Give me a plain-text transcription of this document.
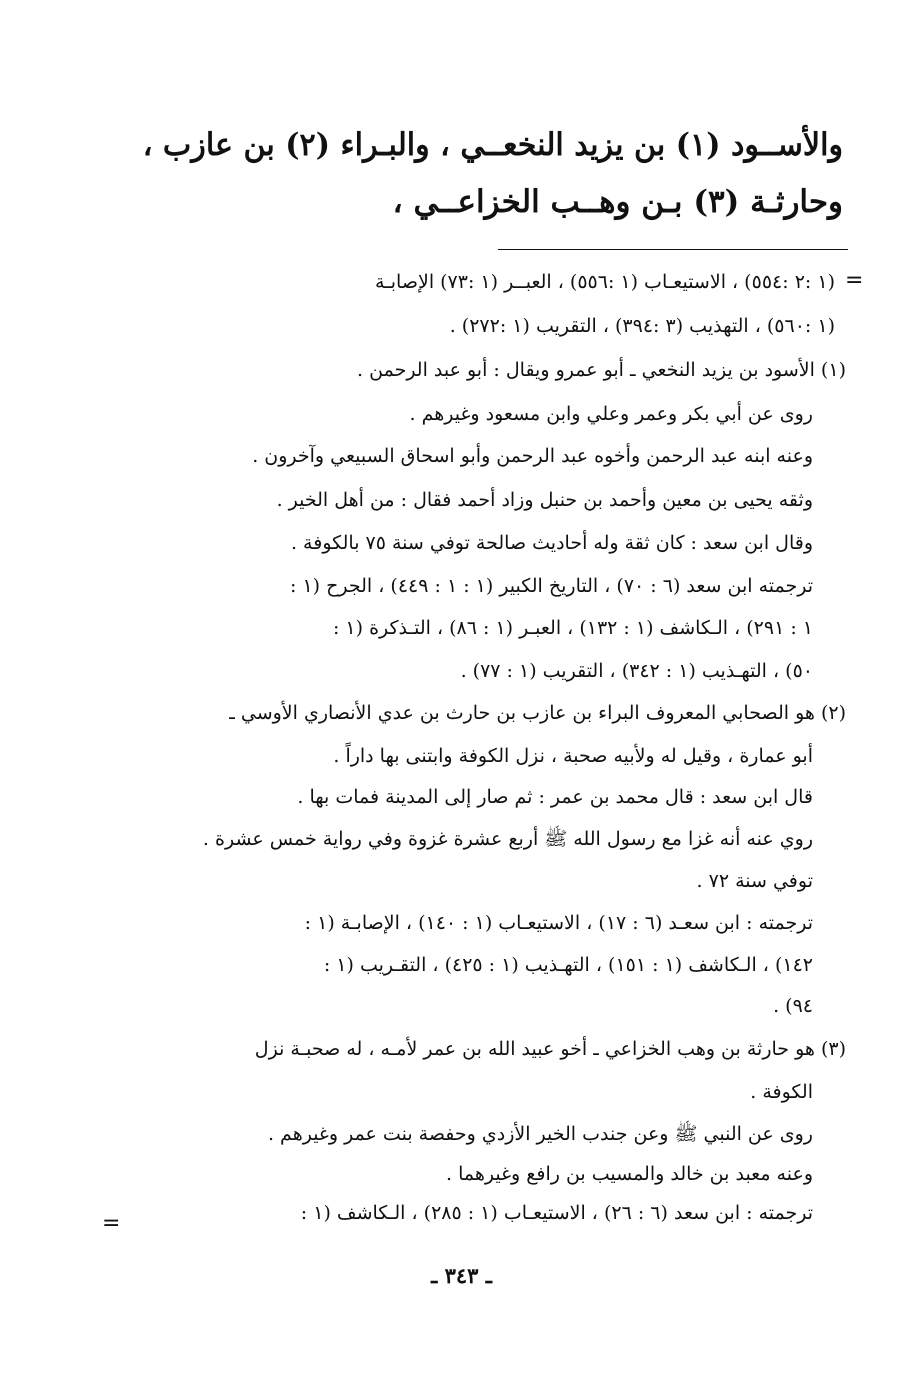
والأســود (١) بن يزيد النخعــي ، والبـراء (٢) بن عازب ،
وحارثـة (٣) بـن وهــب الخزاعــي ،
=
(١ :٢ :٥٥٤) ، الاستيعـاب (١ :٥٥٦) ، العبــر (١ :٧٣) الإصابـة
(١ :٥٦٠) ، التهذيب (٣ :٣٩٤) ، التقريب (١ :٢٧٢) .
(١) الأسود بن يزيد النخعي ـ أبو عمرو ويقال : أبو عبد الرحمن .
روى عن أبي بكر وعمر وعلي وابن مسعود وغيرهم .
وعنه ابنه عبد الرحمن وأخوه عبد الرحمن وأبو اسحاق السبيعي وآخرون .
وثقه يحيى بن معين وأحمد بن حنبل وزاد أحمد فقال : من أهل الخير .
وقال ابن سعد : كان ثقة وله أحاديث صالحة توفي سنة ٧٥ بالكوفة .
ترجمته ابن سعد (٦ : ٧٠) ، التاريخ الكبير (١ : ١ : ٤٤٩) ، الجرح (١ :
١ : ٢٩١) ، الـكاشف (١ : ١٣٢) ، العبـر (١ : ٨٦) ، التـذكرة (١ :
٥٠) ، التهـذيب (١ : ٣٤٢) ، التقريب (١ : ٧٧) .
(٢) هو الصحابي المعروف البراء بن عازب بن حارث بن عدي الأنصاري الأوسي ـ
أبو عمارة ، وقيل له ولأبيه صحبة ، نزل الكوفة وابتنى بها داراً .
قال ابن سعد : قال محمد بن عمر : ثم صار إلى المدينة فمات بها .
روي عنه أنه غزا مع رسول الله ﷺ أربع عشرة غزوة وفي رواية خمس عشرة .
توفي سنة ٧٢ .
ترجمته : ابن سعـد (٦ : ١٧) ، الاستيعـاب (١ : ١٤٠) ، الإصابـة (١ :
١٤٢) ، الـكاشف (١ : ١٥١) ، التهـذيب (١ : ٤٢٥) ، التقـريب (١ :
٩٤) .
(٣) هو حارثة بن وهب الخزاعي ـ أخو عبيد الله بن عمر لأمـه ، له صحبـة نزل
الكوفة .
روى عن النبي ﷺ وعن جندب الخير الأزدي وحفصة بنت عمر وغيرهم .
وعنه معبد بن خالد والمسيب بن رافع وغيرهما .
ترجمته : ابن سعد (٦ : ٢٦) ، الاستيعـاب (١ : ٢٨٥) ، الـكاشف (١ :
=
ـ ٣٤٣ ـ
